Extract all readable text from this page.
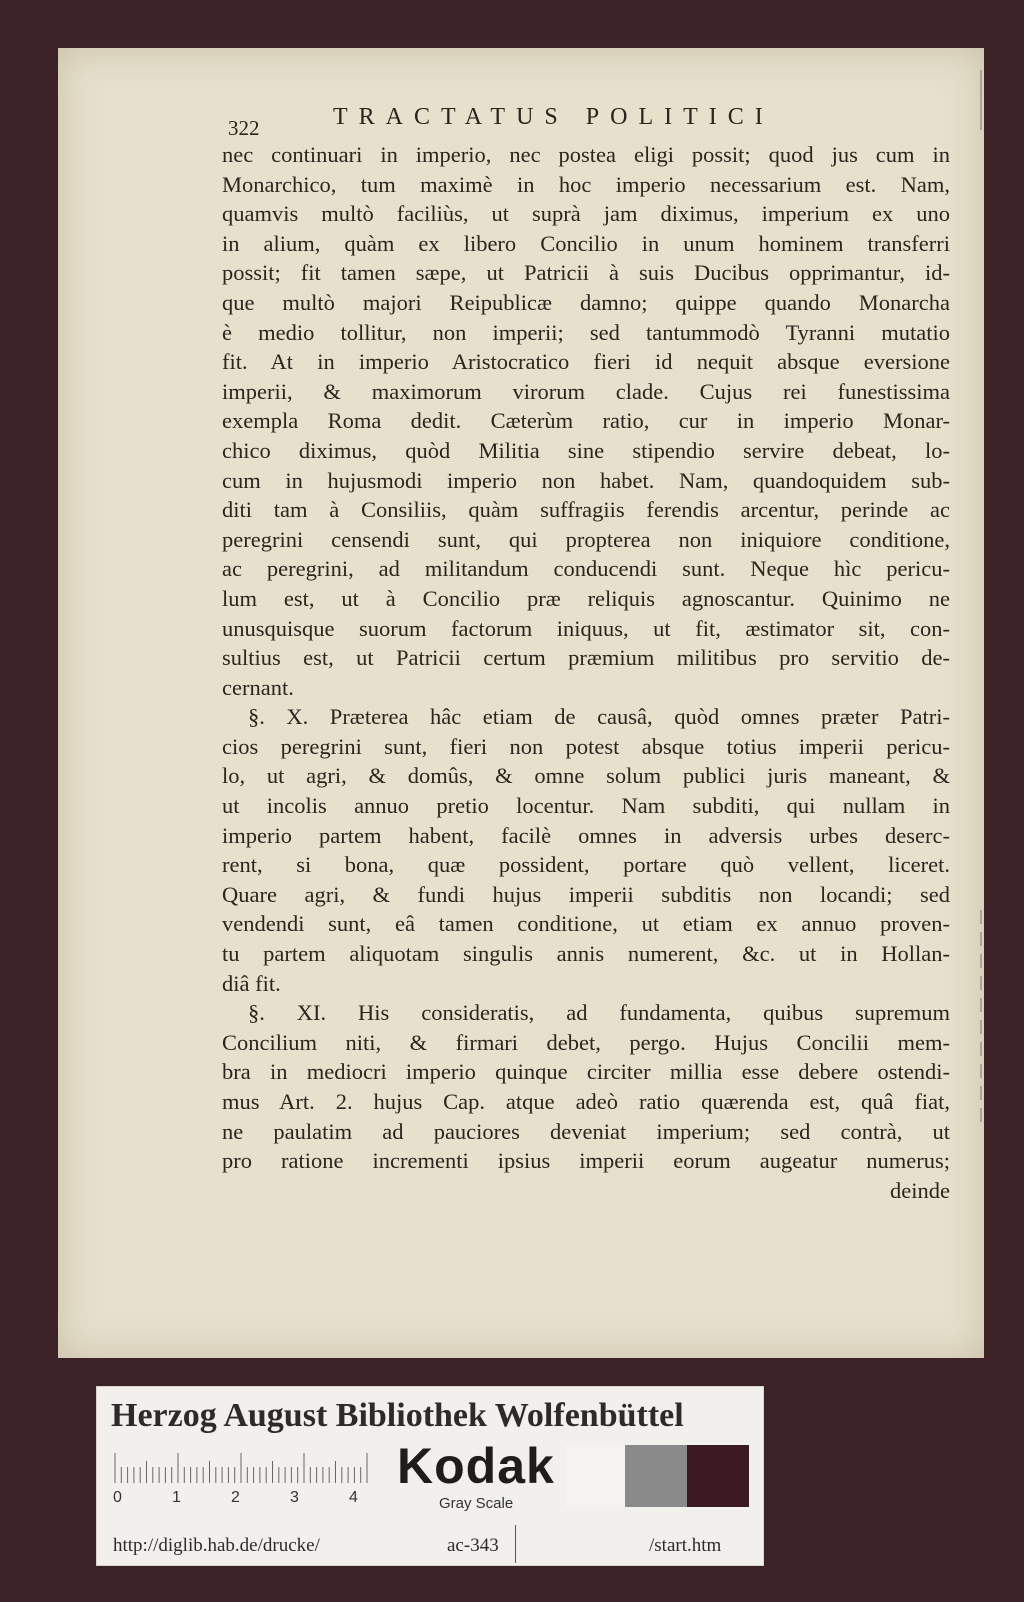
322	TRACTATUS POLITICI
nec continuari in imperio, nec postea eligi possit; quod jus cum in
Monarchico, tum maximè in hoc imperio necessarium est. Nam,
quamvis multò faciliùs, ut suprà jam diximus, imperium ex uno
in alium, quàm ex libero Concilio in unum hominem transferri
possit; fit tamen sæpe, ut Patricii à suis Ducibus opprimantur, id-
que multò majori Reipublicæ damno; quippe quando Monarcha
è medio tollitur, non imperii; sed tantummodò Tyranni mutatio
fit. At in imperio Aristocratico fieri id nequit absque eversione
imperii, & maximorum virorum clade. Cujus rei funestissima
exempla Roma dedit. Cæterùm ratio, cur in imperio Monar-
chico diximus, quòd Militia sine stipendio servire debeat, lo-
cum in hujusmodi imperio non habet. Nam, quandoquidem sub-
diti tam à Consiliis, quàm suffragiis ferendis arcentur, perinde ac
peregrini censendi sunt, qui propterea non iniquiore conditione,
ac peregrini, ad militandum conducendi sunt. Neque hìc pericu-
lum est, ut à Concilio præ reliquis agnoscantur. Quinimo ne
unusquisque suorum factorum iniquus, ut fit, æstimator sit, con-
sultius est, ut Patricii certum præmium militibus pro servitio de-
cernant.
§. X. Præterea hâc etiam de causâ, quòd omnes præter Patri-
cios peregrini sunt, fieri non potest absque totius imperii pericu-
lo, ut agri, & domûs, & omne solum publici juris maneant, &
ut incolis annuo pretio locentur. Nam subditi, qui nullam in
imperio partem habent, facilè omnes in adversis urbes deserc-
rent, si bona, quæ possident, portare quò vellent, liceret.
Quare agri, & fundi hujus imperii subditis non locandi; sed
vendendi sunt, eâ tamen conditione, ut etiam ex annuo proven-
tu partem aliquotam singulis annis numerent, &c. ut in Hollan-
diâ fit.
§. XI. His consideratis, ad fundamenta, quibus supremum
Concilium niti, & firmari debet, pergo. Hujus Concilii mem-
bra in mediocri imperio quinque circiter millia esse debere ostendi-
mus Art. 2. hujus Cap. atque adeò ratio quærenda est, quâ fiat,
ne paulatim ad pauciores deveniat imperium; sed contrà, ut
pro ratione incrementi ipsius imperii eorum augeatur numerus;
deinde
Herzog August Bibliothek Wolfenbüttel
0	1	2	3	4
Kodak
Gray Scale
http://diglib.hab.de/drucke/	ac-343	/start.htm
